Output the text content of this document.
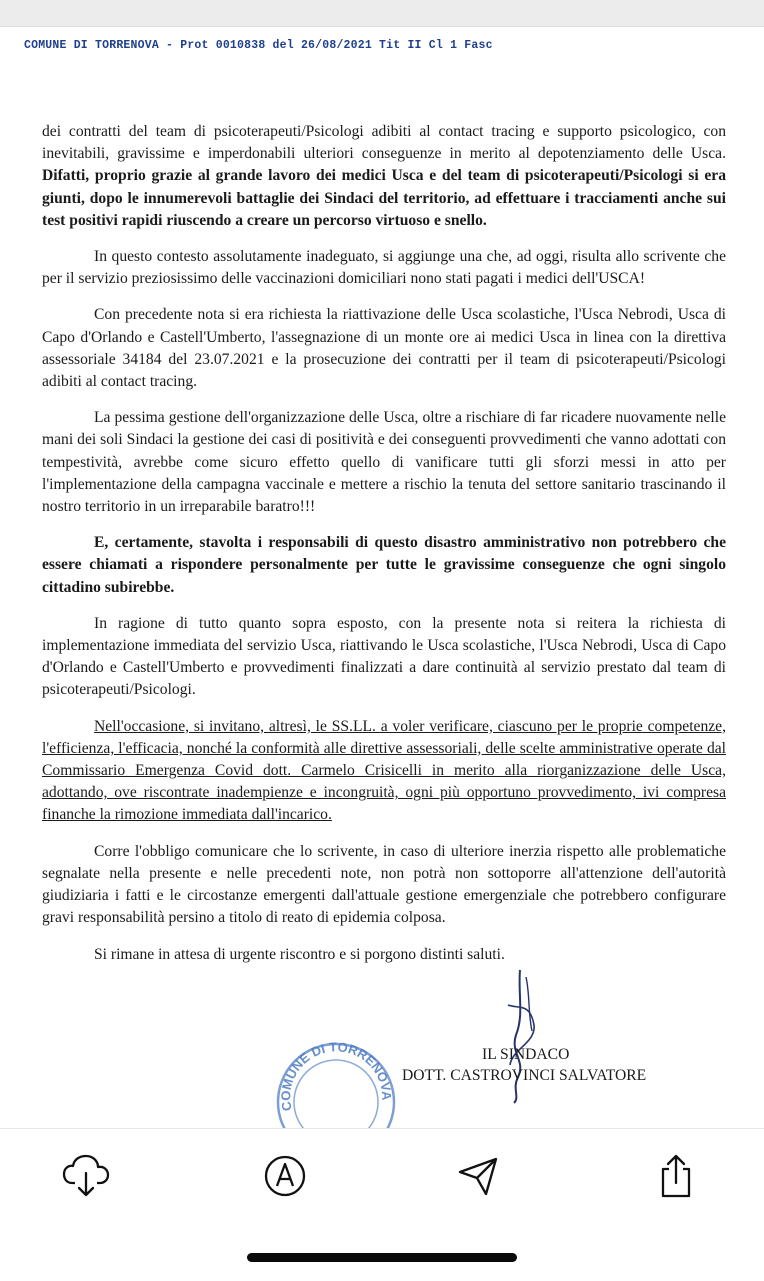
COMUNE DI TORRENOVA - Prot 0010838 del 26/08/2021 Tit II Cl 1 Fasc

dei contratti del team di psicoterapeuti/Psicologi adibiti al contact tracing e supporto psicologico, con inevitabili, gravissime e imperdonabili ulteriori conseguenze in merito al depotenziamento delle Usca. Difatti, proprio grazie al grande lavoro dei medici Usca e del team di psicoterapeuti/Psicologi si era giunti, dopo le innumerevoli battaglie dei Sindaci del territorio, ad effettuare i tracciamenti anche sui test positivi rapidi riuscendo a creare un percorso virtuoso e snello.

In questo contesto assolutamente inadeguato, si aggiunge una che, ad oggi, risulta allo scrivente che per il servizio preziosissimo delle vaccinazioni domiciliari nono stati pagati i medici dell'USCA!

Con precedente nota si era richiesta la riattivazione delle Usca scolastiche, l'Usca Nebrodi, Usca di Capo d'Orlando e Castell'Umberto, l'assegnazione di un monte ore ai medici Usca in linea con la direttiva assessoriale 34184 del 23.07.2021 e la prosecuzione dei contratti per il team di psicoterapeuti/Psicologi adibiti al contact tracing.

La pessima gestione dell'organizzazione delle Usca, oltre a rischiare di far ricadere nuovamente nelle mani dei soli Sindaci la gestione dei casi di positività e dei conseguenti provvedimenti che vanno adottati con tempestività, avrebbe come sicuro effetto quello di vanificare tutti gli sforzi messi in atto per l'implementazione della campagna vaccinale e mettere a rischio la tenuta del settore sanitario trascinando il nostro territorio in un irreparabile baratro!!!

E, certamente, stavolta i responsabili di questo disastro amministrativo non potrebbero che essere chiamati a rispondere personalmente per tutte le gravissime conseguenze che ogni singolo cittadino subirebbe.

In ragione di tutto quanto sopra esposto, con la presente nota si reitera la richiesta di implementazione immediata del servizio Usca, riattivando le Usca scolastiche, l'Usca Nebrodi, Usca di Capo d'Orlando e Castell'Umberto e provvedimenti finalizzati a dare continuità al servizio prestato dal team di psicoterapeuti/Psicologi.

Nell'occasione, si invitano, altresì, le SS.LL. a voler verificare, ciascuno per le proprie competenze, l'efficienza, l'efficacia, nonché la conformità alle direttive assessoriali, delle scelte amministrative operate dal Commissario Emergenza Covid dott. Carmelo Crisicelli in merito alla riorganizzazione delle Usca, adottando, ove riscontrate inadempienze e incongruità, ogni più opportuno provvedimento, ivi compresa finanche la rimozione immediata dall'incarico.

Corre l'obbligo comunicare che lo scrivente, in caso di ulteriore inerzia rispetto alle problematiche segnalate nella presente e nelle precedenti note, non potrà non sottoporre all'attenzione dell'autorità giudiziaria i fatti e le circostanze emergenti dall'attuale gestione emergenziale che potrebbero configurare gravi responsabilità persino a titolo di reato di epidemia colposa.

Si rimane in attesa di urgente riscontro e si porgono distinti saluti.

COMUNE DI TORRENOVA
IL SINDACO
DOTT. CASTROVINCI SALVATORE
